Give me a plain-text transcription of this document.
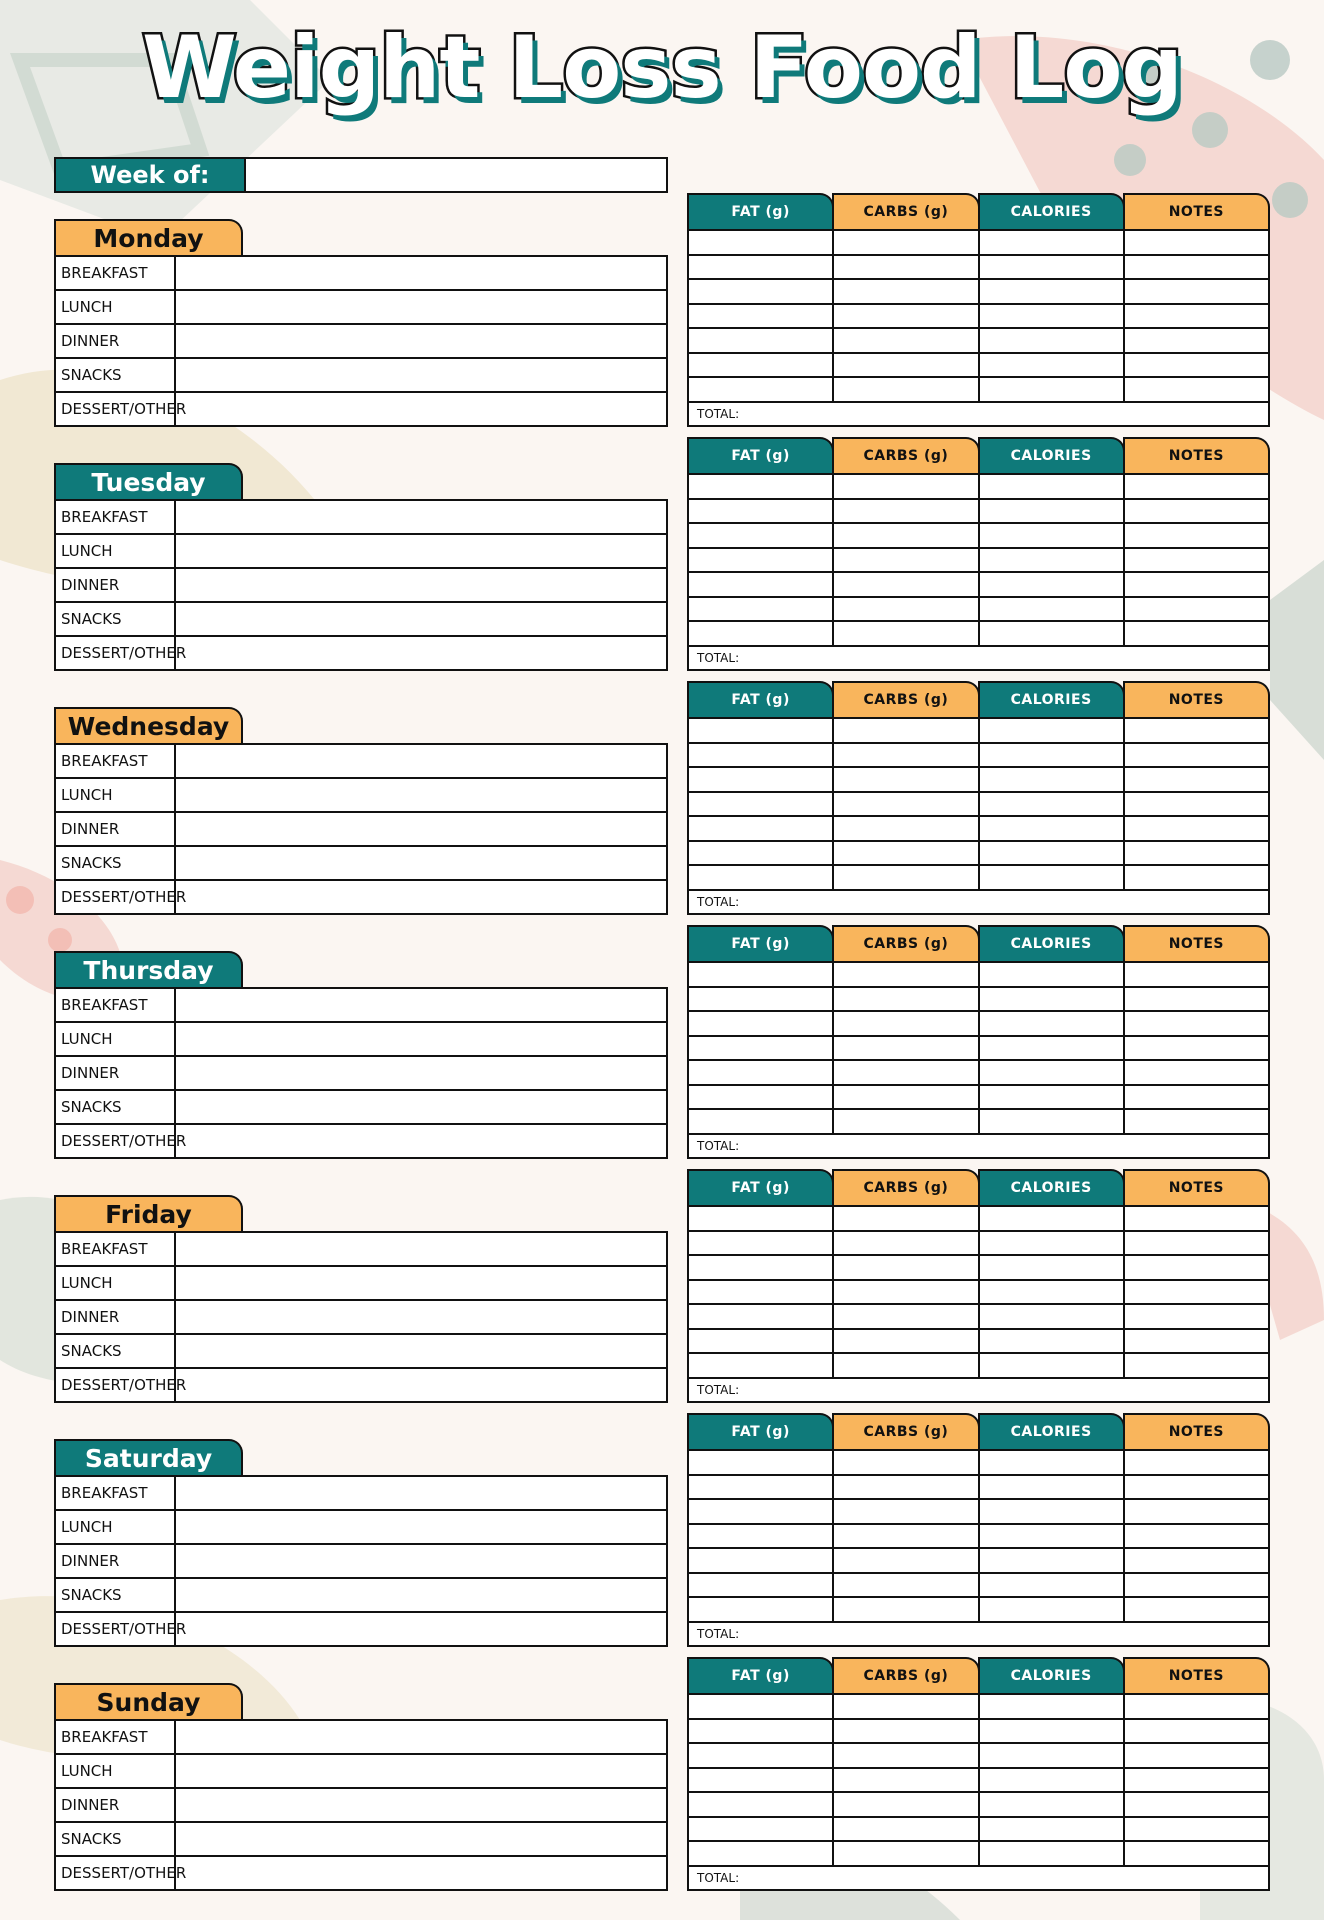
Weight Loss Food Log
Week of:
Monday
BREAKFAST
LUNCH
DINNER
SNACKS
DESSERT/OTHER
Tuesday
BREAKFAST
LUNCH
DINNER
SNACKS
DESSERT/OTHER
Wednesday
BREAKFAST
LUNCH
DINNER
SNACKS
DESSERT/OTHER
Thursday
BREAKFAST
LUNCH
DINNER
SNACKS
DESSERT/OTHER
Friday
BREAKFAST
LUNCH
DINNER
SNACKS
DESSERT/OTHER
Saturday
BREAKFAST
LUNCH
DINNER
SNACKS
DESSERT/OTHER
Sunday
BREAKFAST
LUNCH
DINNER
SNACKS
DESSERT/OTHER
FAT (g)	CARBS (g)	CALORIES	NOTES
TOTAL:
FAT (g)	CARBS (g)	CALORIES	NOTES
TOTAL:
FAT (g)	CARBS (g)	CALORIES	NOTES
TOTAL:
FAT (g)	CARBS (g)	CALORIES	NOTES
TOTAL:
FAT (g)	CARBS (g)	CALORIES	NOTES
TOTAL:
FAT (g)	CARBS (g)	CALORIES	NOTES
TOTAL:
FAT (g)	CARBS (g)	CALORIES	NOTES
TOTAL:
